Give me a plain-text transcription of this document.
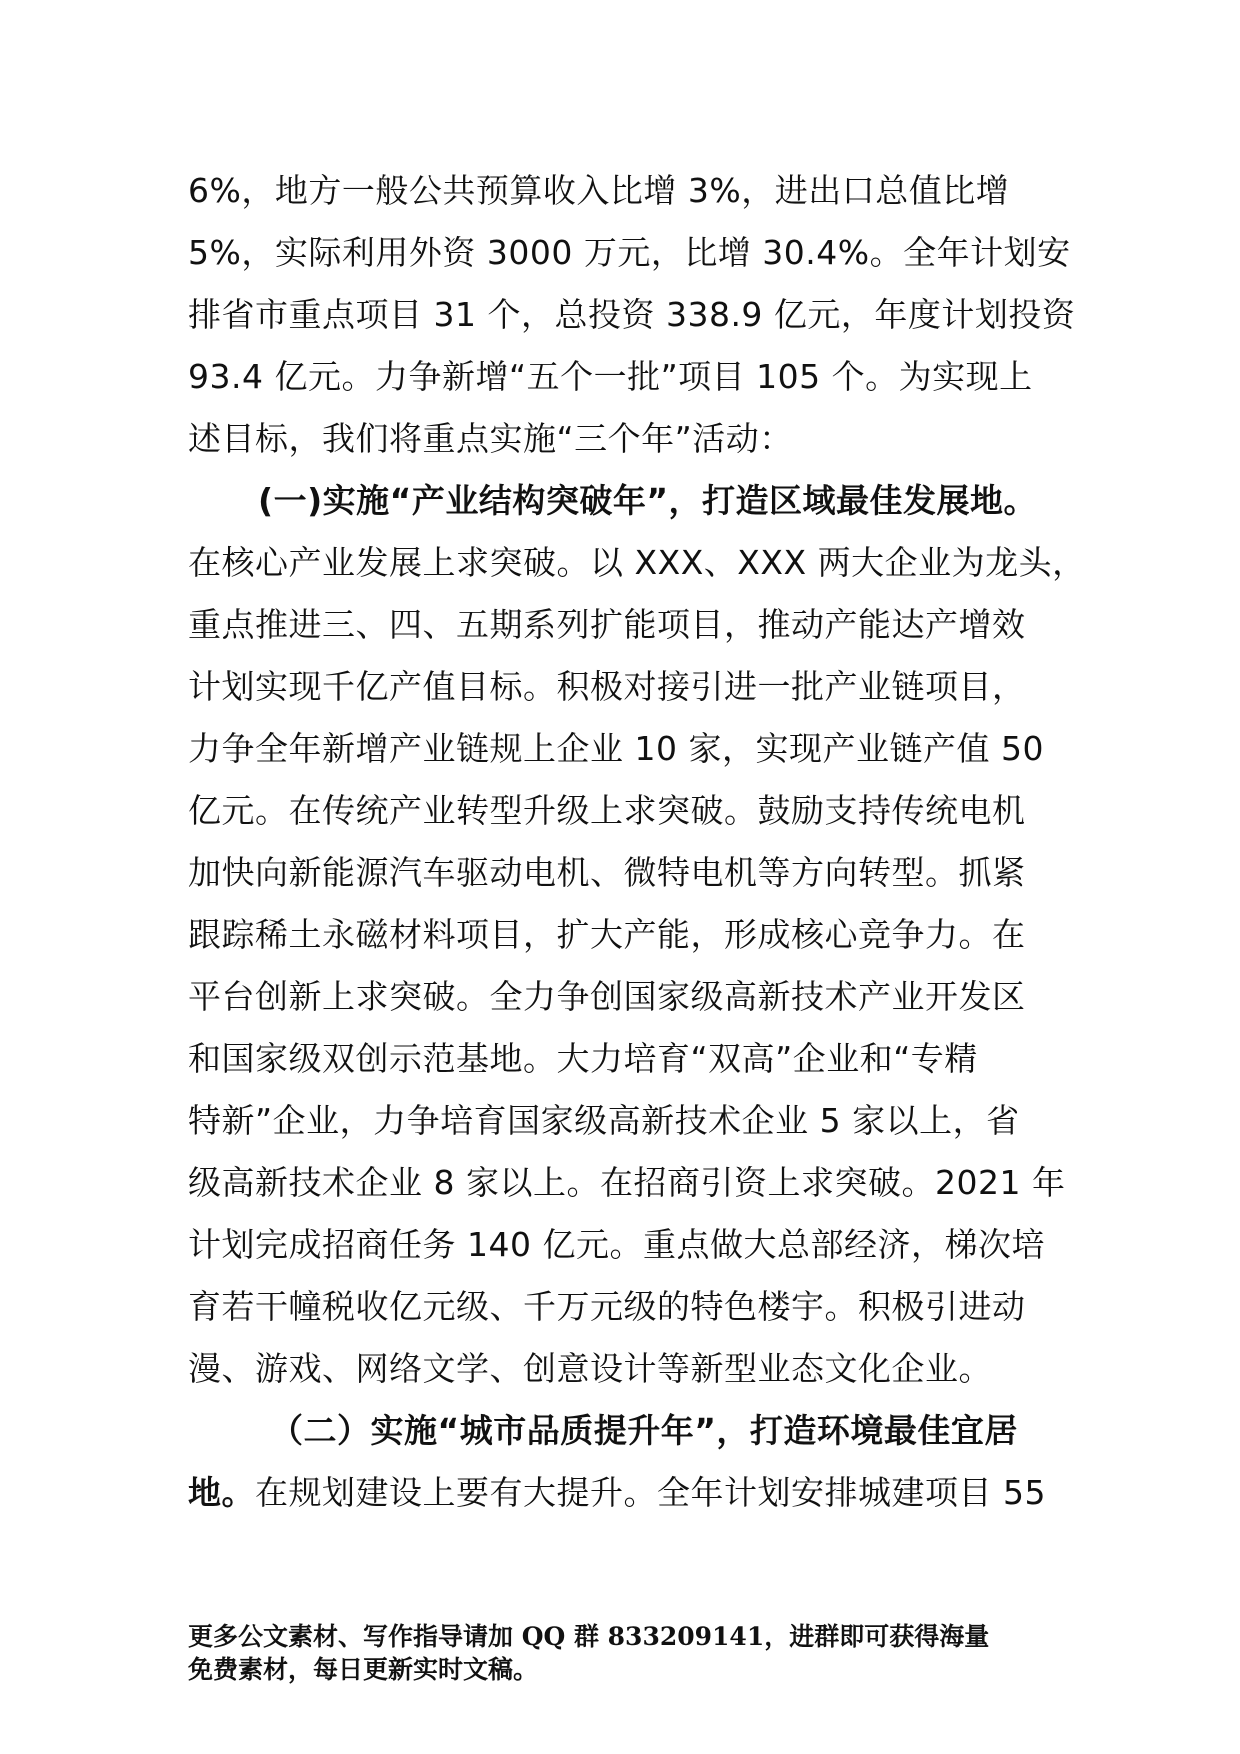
6%，地方一般公共预算收入比增 3%，进出口总值比增
5%，实际利用外资 3000 万元，比增 30.4%。全年计划安
排省市重点项目 31 个，总投资 338.9 亿元，年度计划投资
93.4 亿元。力争新增“五个一批”项目 105 个。为实现上
述目标，我们将重点实施“三个年”活动：
(一)实施“产业结构突破年”，打造区域最佳发展地。
在核心产业发展上求突破。以 XXX、XXX 两大企业为龙头，
重点推进三、四、五期系列扩能项目，推动产能达产增效
计划实现千亿产值目标。积极对接引进一批产业链项目，
力争全年新增产业链规上企业 10 家，实现产业链产值 50
亿元。在传统产业转型升级上求突破。鼓励支持传统电机
加快向新能源汽车驱动电机、微特电机等方向转型。抓紧
跟踪稀土永磁材料项目，扩大产能，形成核心竞争力。在
平台创新上求突破。全力争创国家级高新技术产业开发区
和国家级双创示范基地。大力培育“双高”企业和“专精
特新”企业，力争培育国家级高新技术企业 5 家以上，省
级高新技术企业 8 家以上。在招商引资上求突破。2021 年
计划完成招商任务 140 亿元。重点做大总部经济，梯次培
育若干幢税收亿元级、千万元级的特色楼宇。积极引进动
漫、游戏、网络文学、创意设计等新型业态文化企业。
（二）实施“城市品质提升年”，打造环境最佳宜居
地。在规划建设上要有大提升。全年计划安排城建项目 55
更多公文素材、写作指导请加 QQ 群 833209141，进群即可获得海量
免费素材，每日更新实时文稿。
